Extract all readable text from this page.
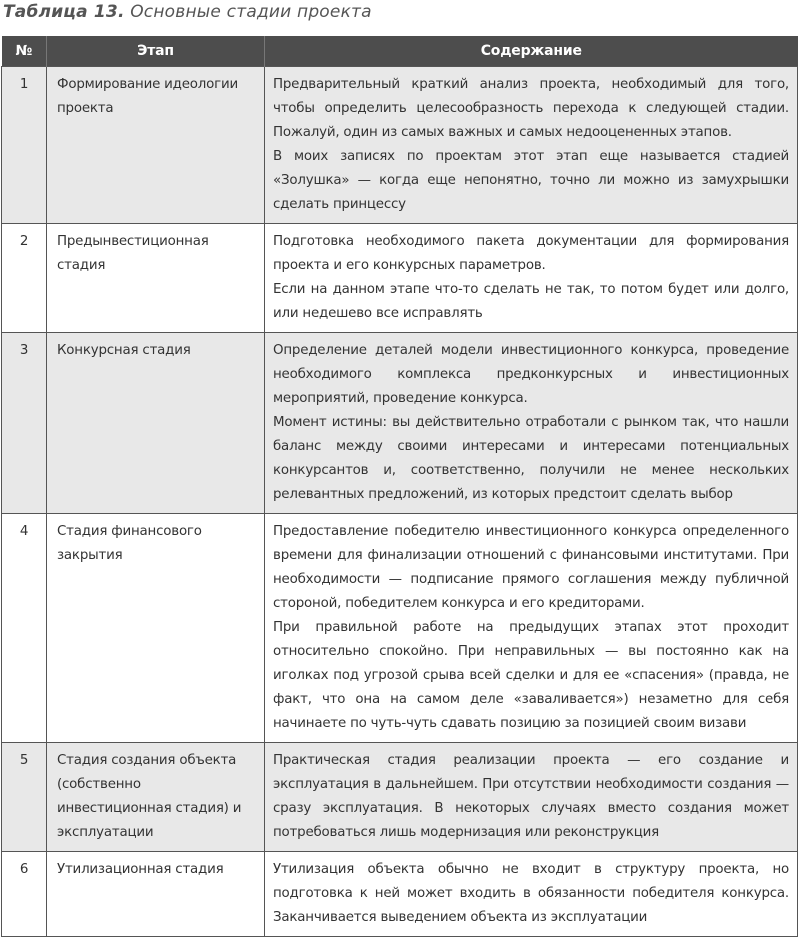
Таблица 13. Основные стадии проекта
№	Этап	Содержание
1	Формирование идеологии проекта	Предварительный краткий анализ проекта, необходимый для того, чтобы определить целесообразность перехода к следующей стадии. Пожалуй, один из самых важных и самых недооцененных этапов.

В моих записях по проектам этот этап еще называется стадией «Золушка» — когда еще непонятно, точно ли можно из замухрышки сделать принцессу

2	Предынвестиционная стадия	Подготовка необходимого пакета документации для формирования проекта и его конкурсных параметров.

Если на данном этапе что-то сделать не так, то потом будет или долго, или недешево все исправлять

3	Конкурсная стадия	Определение деталей модели инвестиционного конкурса, проведение необходимого комплекса предконкурсных и инвестиционных мероприятий, проведение конкурса.

Момент истины: вы действительно отработали с рынком так, что нашли баланс между своими интересами и интересами потенциальных конкурсантов и, соответственно, получили не менее нескольких релевантных предложений, из которых предстоит сделать выбор

4	Стадия финансового закрытия	Предоставление победителю инвестиционного конкурса определенного времени для финализации отношений с финансовыми институтами. При необходимости — подписание прямого соглашения между публичной стороной, победителем конкурса и его кредиторами.

При правильной работе на предыдущих этапах этот проходит относительно спокойно. При неправильных — вы постоянно как на иголках под угрозой срыва всей сделки и для ее «спасения» (правда, не факт, что она на самом деле «заваливается») незаметно для себя начинаете по чуть-чуть сдавать позицию за позицией своим визави

5	Стадия создания объекта (собственно инвестиционная стадия) и эксплуатации	Практическая стадия реализации проекта — его создание и эксплуатация в дальнейшем. При отсутствии необходимости создания — сразу эксплуатация. В некоторых случаях вместо создания может потребоваться лишь модернизация или реконструкция

6	Утилизационная стадия	Утилизация объекта обычно не входит в структуру проекта, но подготовка к ней может входить в обязанности победителя конкурса. Заканчивается выведением объекта из эксплуатации
